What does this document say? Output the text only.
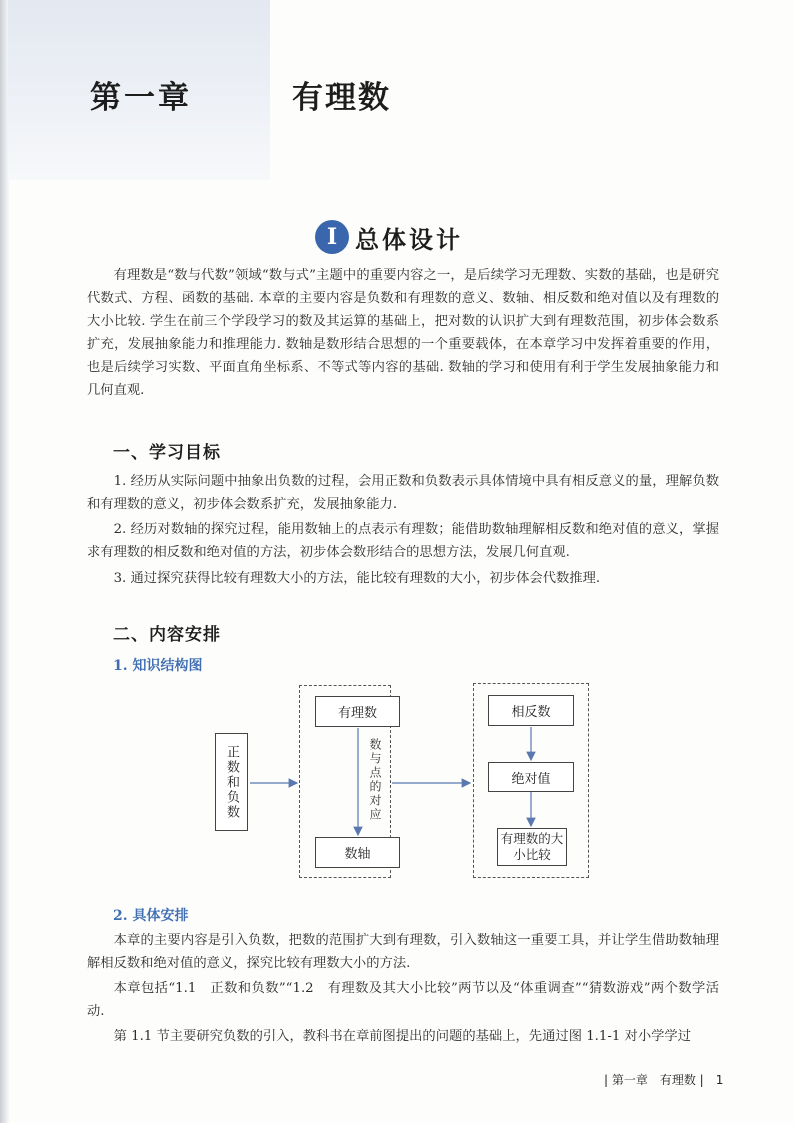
第一章	有理数
I 总体设计

有理数是“数与代数”领域“数与式”主题中的重要内容之一，是后续学习无理数、实数的基础，也是研究代数式、方程、函数的基础. 本章的主要内容是负数和有理数的意义、数轴、相反数和绝对值以及有理数的大小比较. 学生在前三个学段学习的数及其运算的基础上，把对数的认识扩大到有理数范围，初步体会数系扩充，发展抽象能力和推理能力. 数轴是数形结合思想的一个重要载体，在本章学习中发挥着重要的作用，也是后续学习实数、平面直角坐标系、不等式等内容的基础. 数轴的学习和使用有利于学生发展抽象能力和几何直观.

一、学习目标

1. 经历从实际问题中抽象出负数的过程，会用正数和负数表示具体情境中具有相反意义的量，理解负数和有理数的意义，初步体会数系扩充，发展抽象能力.

2. 经历对数轴的探究过程，能用数轴上的点表示有理数；能借助数轴理解相反数和绝对值的意义，掌握求有理数的相反数和绝对值的方法，初步体会数形结合的思想方法，发展几何直观.

3. 通过探究获得比较有理数大小的方法，能比较有理数的大小，初步体会代数推理.

二、内容安排
1. 知识结构图
正数和负数
有理数
数与点的对应
数轴
相反数
绝对值
有理数的大小比较
2. 具体安排

本章的主要内容是引入负数，把数的范围扩大到有理数，引入数轴这一重要工具，并让学生借助数轴理解相反数和绝对值的意义，探究比较有理数大小的方法.

本章包括“1.1　正数和负数”“1.2　有理数及其大小比较”两节以及“体重调查”“猜数游戏”两个数学活动.

第 1.1 节主要研究负数的引入，教科书在章前图提出的问题的基础上，先通过图 1.1-1 对小学学过

| 第一章　有理数 |　1
